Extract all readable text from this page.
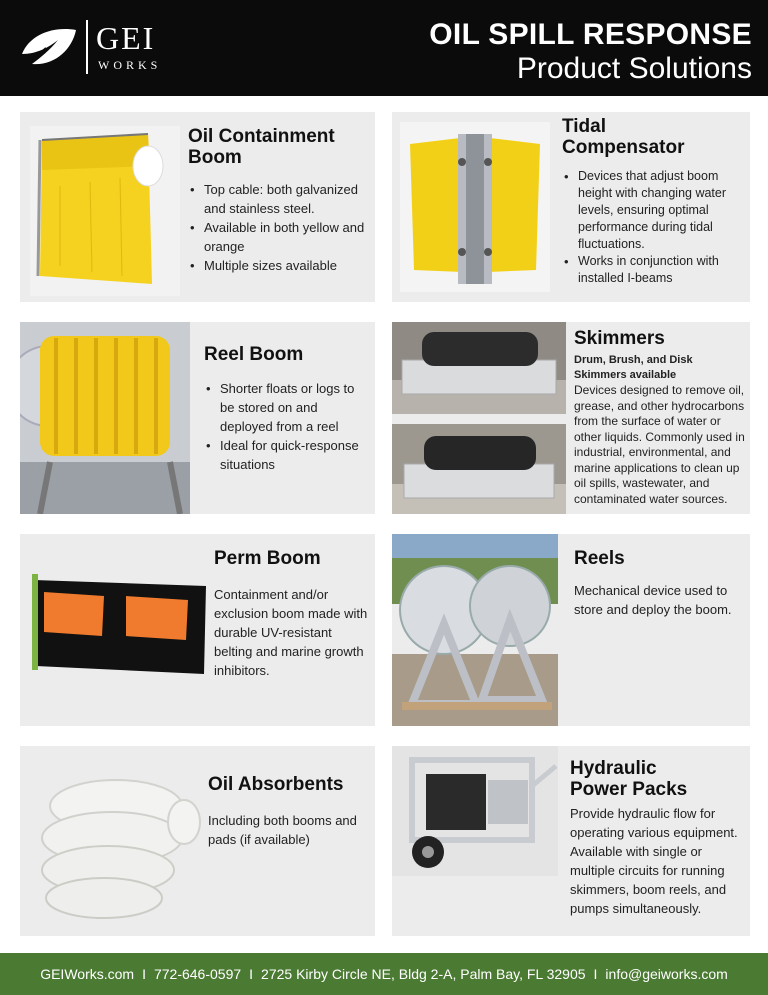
GEI
WORKS
OIL SPILL RESPONSE
Product Solutions
Oil Containment
Boom
• Top cable: both galvanized and stainless steel.
• Available in both yellow and orange
• Multiple sizes available
Tidal
Compensator
• Devices that adjust boom height with changing water levels, ensuring optimal performance during tidal fluctuations.
• Works in conjunction with installed I-beams
Reel Boom
• Shorter floats or logs to be stored on and deployed from a reel
• Ideal for quick-response situations
Skimmers

Drum, Brush, and Disk Skimmers available

Devices designed to remove oil, grease, and other hydrocarbons from the surface of water or other liquids. Commonly used in industrial, environmental, and marine applications to clean up oil spills, wastewater, and contaminated water sources.

Perm Boom

Containment and/or exclusion boom made with durable UV-resistant belting and marine growth inhibitors.

Reels

Mechanical device used to store and deploy the boom.

Oil Absorbents

Including both booms and pads (if available)

Hydraulic
Power Packs

Provide hydraulic flow for operating various equipment. Available with single or multiple circuits for running skimmers, boom reels, and pumps simultaneously.

GEIWorks.com I 772-646-0597 I 2725 Kirby Circle NE, Bldg 2-A, Palm Bay, FL 32905 I info@geiworks.com
